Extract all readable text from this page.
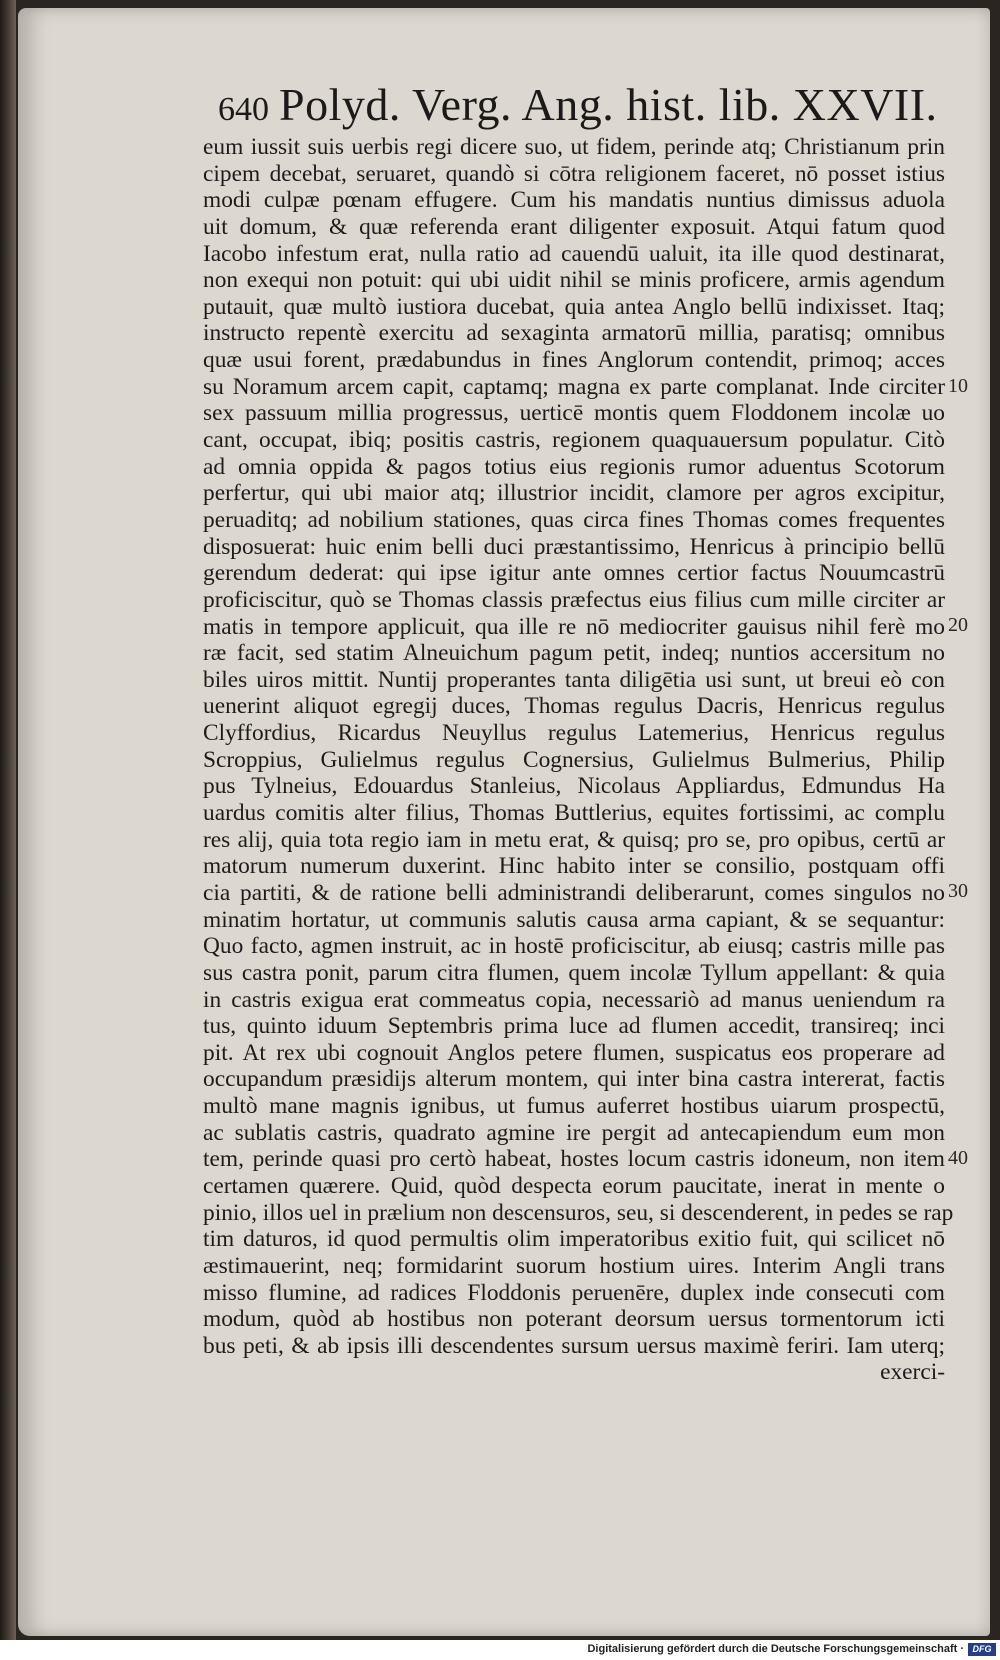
640 Polyd. Verg. Ang. hist. lib. XXVII.
eum iussit suis uerbis regi dicere suo, ut fidem, perinde atq; Christianum prin
cipem decebat, seruaret, quandò si cōtra religionem faceret, nō posset istius
modi culpæ pœnam effugere. Cum his mandatis nuntius dimissus aduola
uit domum, & quæ referenda erant diligenter exposuit. Atqui fatum quod
Iacobo infestum erat, nulla ratio ad cauendū ualuit, ita ille quod destinarat,
non exequi non potuit: qui ubi uidit nihil se minis proficere, armis agendum
putauit, quæ multò iustiora ducebat, quia antea Anglo bellū indixisset. Itaq;
instructo repentè exercitu ad sexaginta armatorū millia, paratisq; omnibus
quæ usui forent, prædabundus in fines Anglorum contendit, primoq; acces
su Noramum arcem capit, captamq; magna ex parte complanat. Inde circiter
sex passuum millia progressus, uerticē montis quem Floddonem incolæ uo
cant, occupat, ibiq; positis castris, regionem quaquauersum populatur. Citò
ad omnia oppida & pagos totius eius regionis rumor aduentus Scotorum
perfertur, qui ubi maior atq; illustrior incidit, clamore per agros excipitur,
peruaditq; ad nobilium stationes, quas circa fines Thomas comes frequentes
disposuerat: huic enim belli duci præstantissimo, Henricus à principio bellū
gerendum dederat: qui ipse igitur ante omnes certior factus Nouumcastrū
proficiscitur, quò se Thomas classis præfectus eius filius cum mille circiter ar
matis in tempore applicuit, qua ille re nō mediocriter gauisus nihil ferè mo
ræ facit, sed statim Alneuichum pagum petit, indeq; nuntios accersitum no
biles uiros mittit. Nuntij properantes tanta diligētia usi sunt, ut breui eò con
uenerint aliquot egregij duces, Thomas regulus Dacris, Henricus regulus
Clyffordius, Ricardus Neuyllus regulus Latemerius, Henricus regulus
Scroppius, Gulielmus regulus Cognersius, Gulielmus Bulmerius, Philip
pus Tylneius, Edouardus Stanleius, Nicolaus Appliardus, Edmundus Ha
uardus comitis alter filius, Thomas Buttlerius, equites fortissimi, ac complu
res alij, quia tota regio iam in metu erat, & quisq; pro se, pro opibus, certū ar
matorum numerum duxerint. Hinc habito inter se consilio, postquam offi
cia partiti, & de ratione belli administrandi deliberarunt, comes singulos no
minatim hortatur, ut communis salutis causa arma capiant, & se sequantur:
Quo facto, agmen instruit, ac in hostē proficiscitur, ab eiusq; castris mille pas
sus castra ponit, parum citra flumen, quem incolæ Tyllum appellant: & quia
in castris exigua erat commeatus copia, necessariò ad manus ueniendum ra
tus, quinto iduum Septembris prima luce ad flumen accedit, transireq; inci
pit. At rex ubi cognouit Anglos petere flumen, suspicatus eos properare ad
occupandum præsidijs alterum montem, qui inter bina castra intererat, factis
multò mane magnis ignibus, ut fumus auferret hostibus uiarum prospectū,
ac sublatis castris, quadrato agmine ire pergit ad antecapiendum eum mon
tem, perinde quasi pro certò habeat, hostes locum castris idoneum, non item
certamen quærere. Quid, quòd despecta eorum paucitate, inerat in mente o
pinio, illos uel in prælium non descensuros, seu, si descenderent, in pedes se rap
tim daturos, id quod permultis olim imperatoribus exitio fuit, qui scilicet nō
æstimauerint, neq; formidarint suorum hostium uires. Interim Angli trans
misso flumine, ad radices Floddonis peruenēre, duplex inde consecuti com
modum, quòd ab hostibus non poterant deorsum uersus tormentorum icti
bus peti, & ab ipsis illi descendentes sursum uersus maximè feriri. Iam uterq;
exerci-
10
20
30
40
Digitalisierung gefördert durch die Deutsche Forschungsgemeinschaft · DFG
